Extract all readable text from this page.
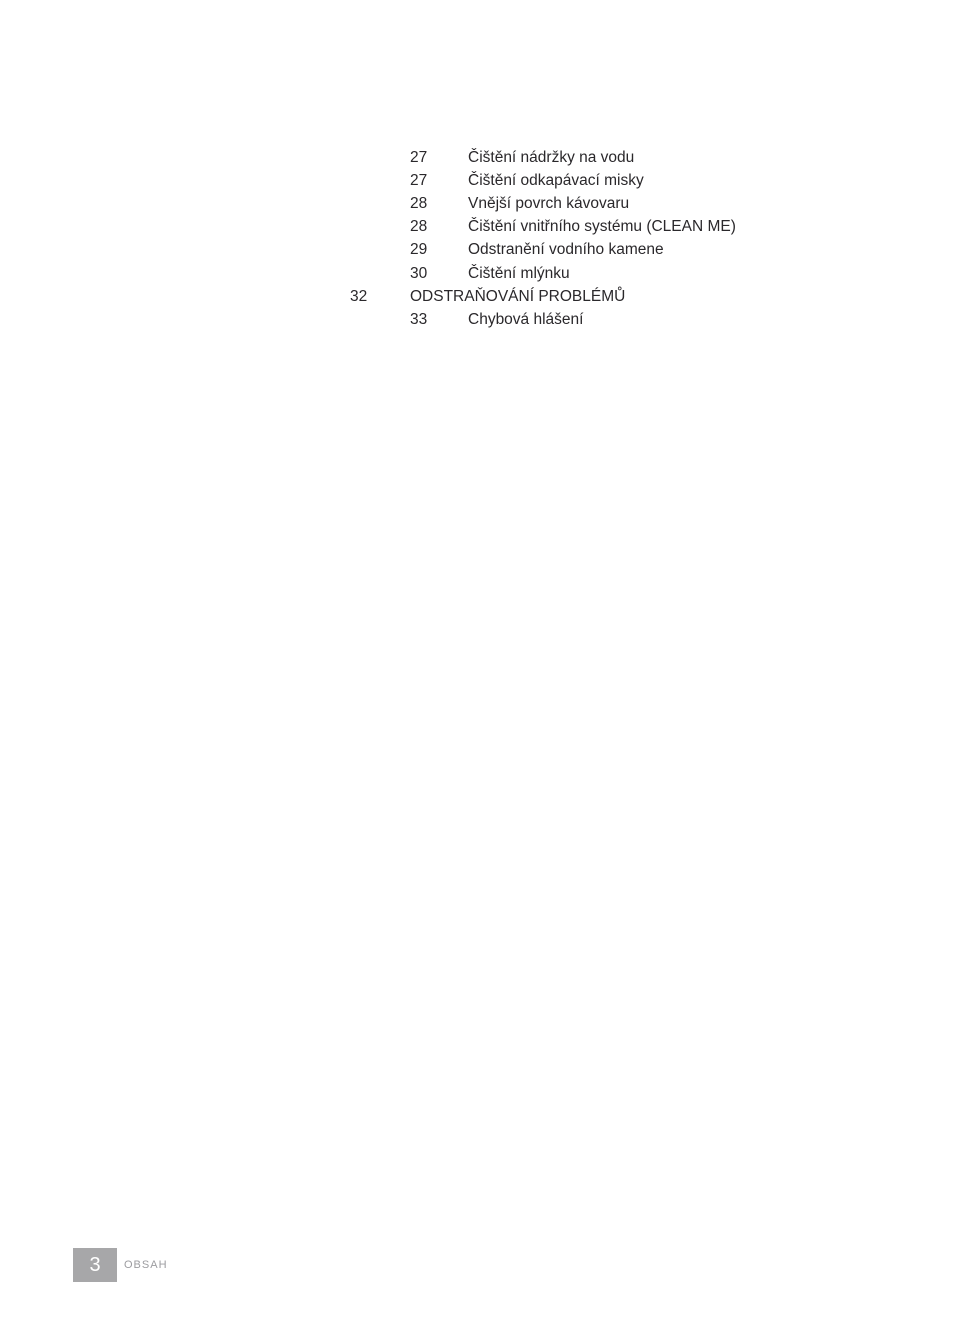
27	Čištění nádržky na vodu
27	Čištění odkapávací misky
28	Vnější povrch kávovaru
28	Čištění vnitřního systému (CLEAN ME)
29	Odstranění vodního kamene
30	Čištění mlýnku
32	ODSTRAŇOVÁNÍ PROBLÉMŮ
33	Chybová hlášení
3 OBSAH
